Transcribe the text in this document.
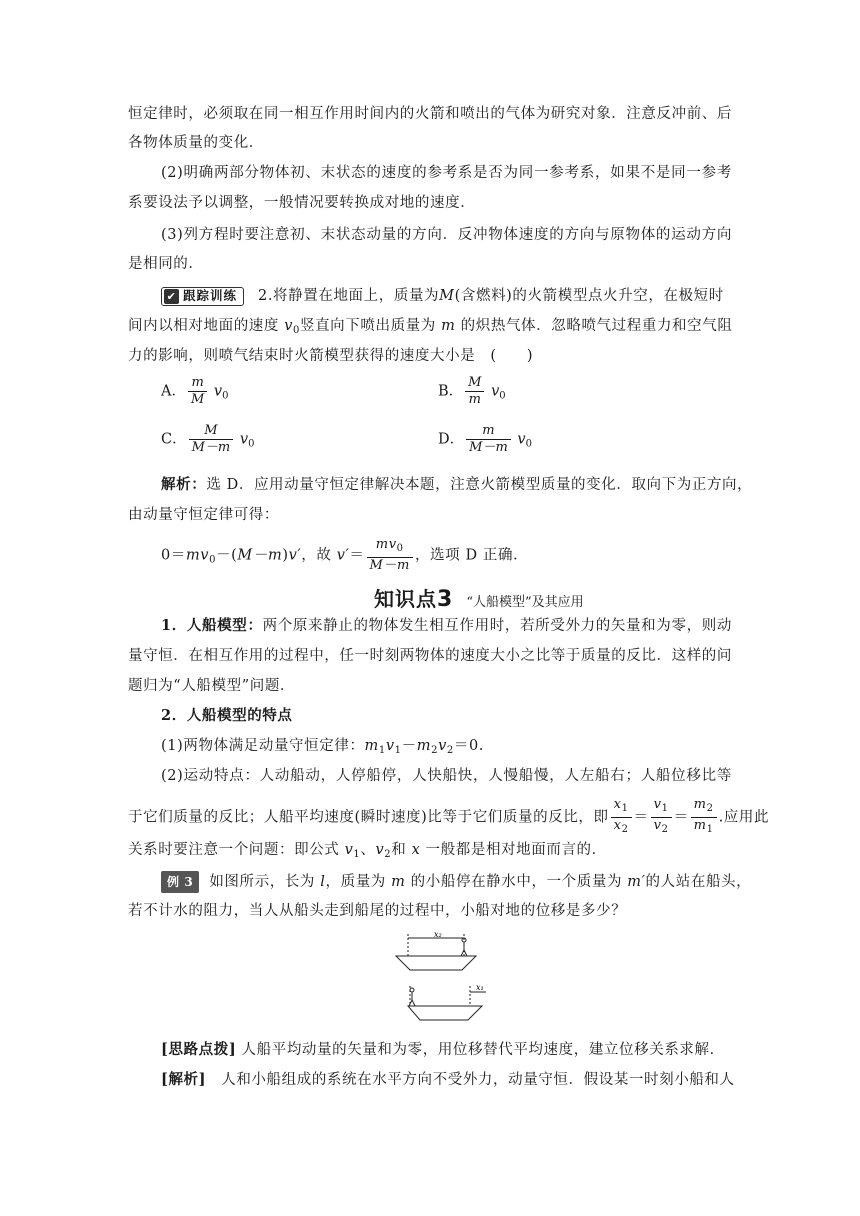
恒定律时，必须取在同一相互作用时间内的火箭和喷出的气体为研究对象．注意反冲前、后
各物体质量的变化．
(2)明确两部分物体初、末状态的速度的参考系是否为同一参考系，如果不是同一参考
系要设法予以调整，一般情况要转换成对地的速度．
(3)列方程时要注意初、末状态动量的方向．反冲物体速度的方向与原物体的运动方向
是相同的．
✔ 跟踪训练 2.将静置在地面上，质量为M(含燃料)的火箭模型点火升空，在极短时
间内以相对地面的速度 $v_0$竖直向下喷出质量为 m 的炽热气体．忽略喷气过程重力和空气阻
力的影响，则喷气结束时火箭模型获得的速度大小是　(　　)
A． $\frac{m}{M} v_0$	B． $\frac{M}{m} v_0$
C． $\frac{M}{M-m} v_0$	D． $\frac{m}{M-m} v_0$
解析：选 D．应用动量守恒定律解决本题，注意火箭模型质量的变化．取向下为正方向，
由动量守恒定律可得：
$0=mv_0-(M-m)v'$，故 $v'= \frac{mv_0}{M-m}$ ，选项 D 正确．
知识点3 “人船模型”及其应用
1．人船模型：两个原来静止的物体发生相互作用时，若所受外力的矢量和为零，则动
量守恒．在相互作用的过程中，任一时刻两物体的速度大小之比等于质量的反比．这样的问
题归为“人船模型”问题．
2．人船模型的特点
(1)两物体满足动量守恒定律：$m_1v_1-m_2v_2=0$.
(2)运动特点：人动船动，人停船停，人快船快，人慢船慢，人左船右；人船位移比等
于它们质量的反比；人船平均速度(瞬时速度)比等于它们质量的反比，即 $\frac{x_1}{x_2} = \frac{v_1}{v_2} = \frac{m_2}{m_1}$ .应用此
关系时要注意一个问题：即公式 $v_1$、$v_2$和 x 一般都是相对地面而言的．
例 3 如图所示，长为 l，质量为 m 的小船停在静水中，一个质量为 m′的人站在船头，
若不计水的阻力，当人从船头走到船尾的过程中，小船对地的位移是多少？
x₂
x₁
[思路点拨] 人船平均动量的矢量和为零，用位移替代平均速度，建立位移关系求解．
[解析]　人和小船组成的系统在水平方向不受外力，动量守恒．假设某一时刻小船和人
